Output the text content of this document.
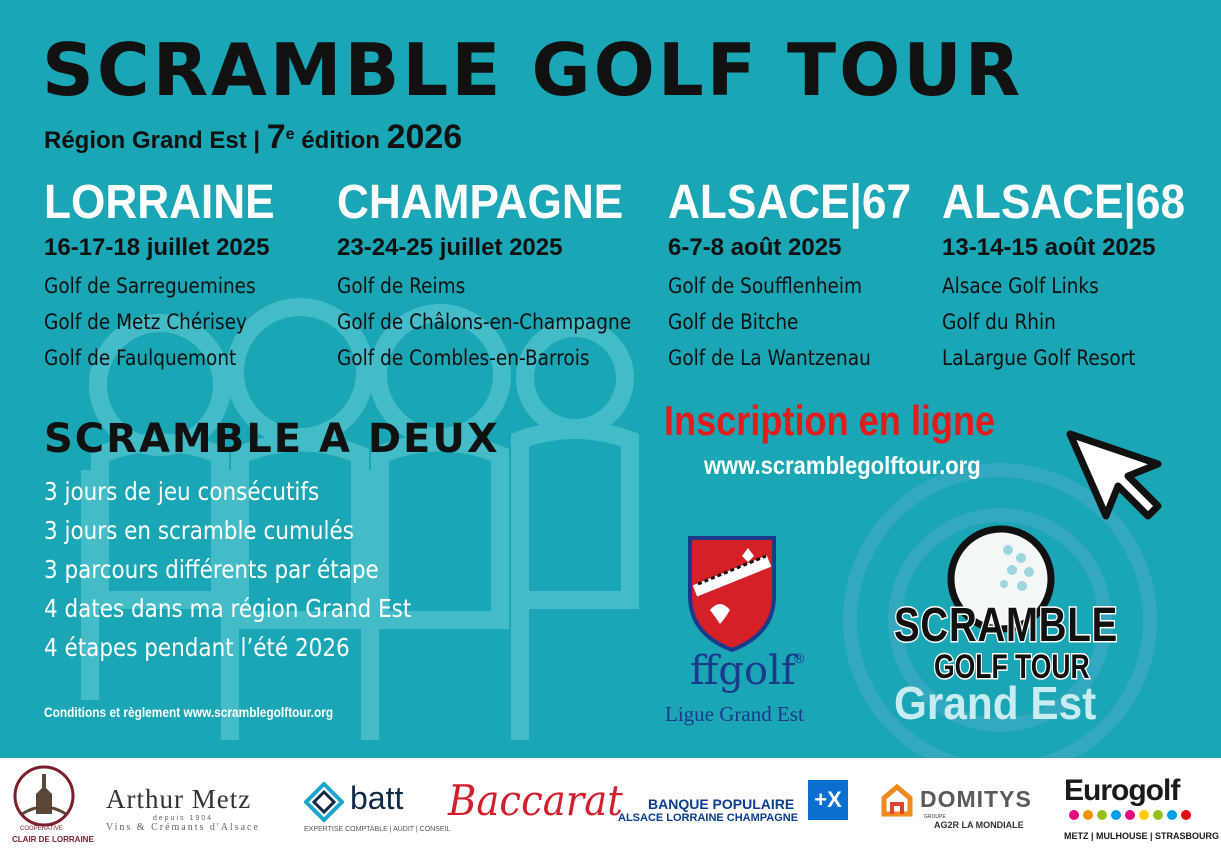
SCRAMBLE GOLF TOUR
Région Grand Est | 7e édition 2026
LORRAINE
16-17-18 juillet 2025
Golf de Sarreguemines
Golf de Metz Chérisey
Golf de Faulquemont
CHAMPAGNE
23-24-25 juillet 2025
Golf de Reims
Golf de Châlons-en-Champagne
Golf de Combles-en-Barrois
ALSACE|67
6-7-8 août 2025
Golf de Soufflenheim
Golf de Bitche
Golf de La Wantzenau
ALSACE|68
13-14-15 août 2025
Alsace Golf Links
Golf du Rhin
LaLargue Golf Resort
SCRAMBLE A DEUX
3 jours de jeu consécutifs
3 jours en scramble cumulés
3 parcours différents par étape
4 dates dans ma région Grand Est
4 étapes pendant l’été 2026
Conditions et règlement www.scramblegolftour.org
Inscription en ligne
www.scramblegolftour.org
ffgolf
®
Ligue Grand Est
SCRAMBLE
GOLF TOUR
Grand Est
COOPÉRATIVE
CLAIR DE LORRAINE
Arthur Metz
depuis 1904
Vins & Crémants d'Alsace
batt
EXPERTISE COMPTABLE | AUDIT | CONSEIL
Baccarat BANQUE POPULAIRE
ALSACE LORRAINE CHAMPAGNE
+X	DOMITYS
GROUPE
AG2R LA MONDIALE
Eurogolf
METZ | MULHOUSE | STRASBOURG
